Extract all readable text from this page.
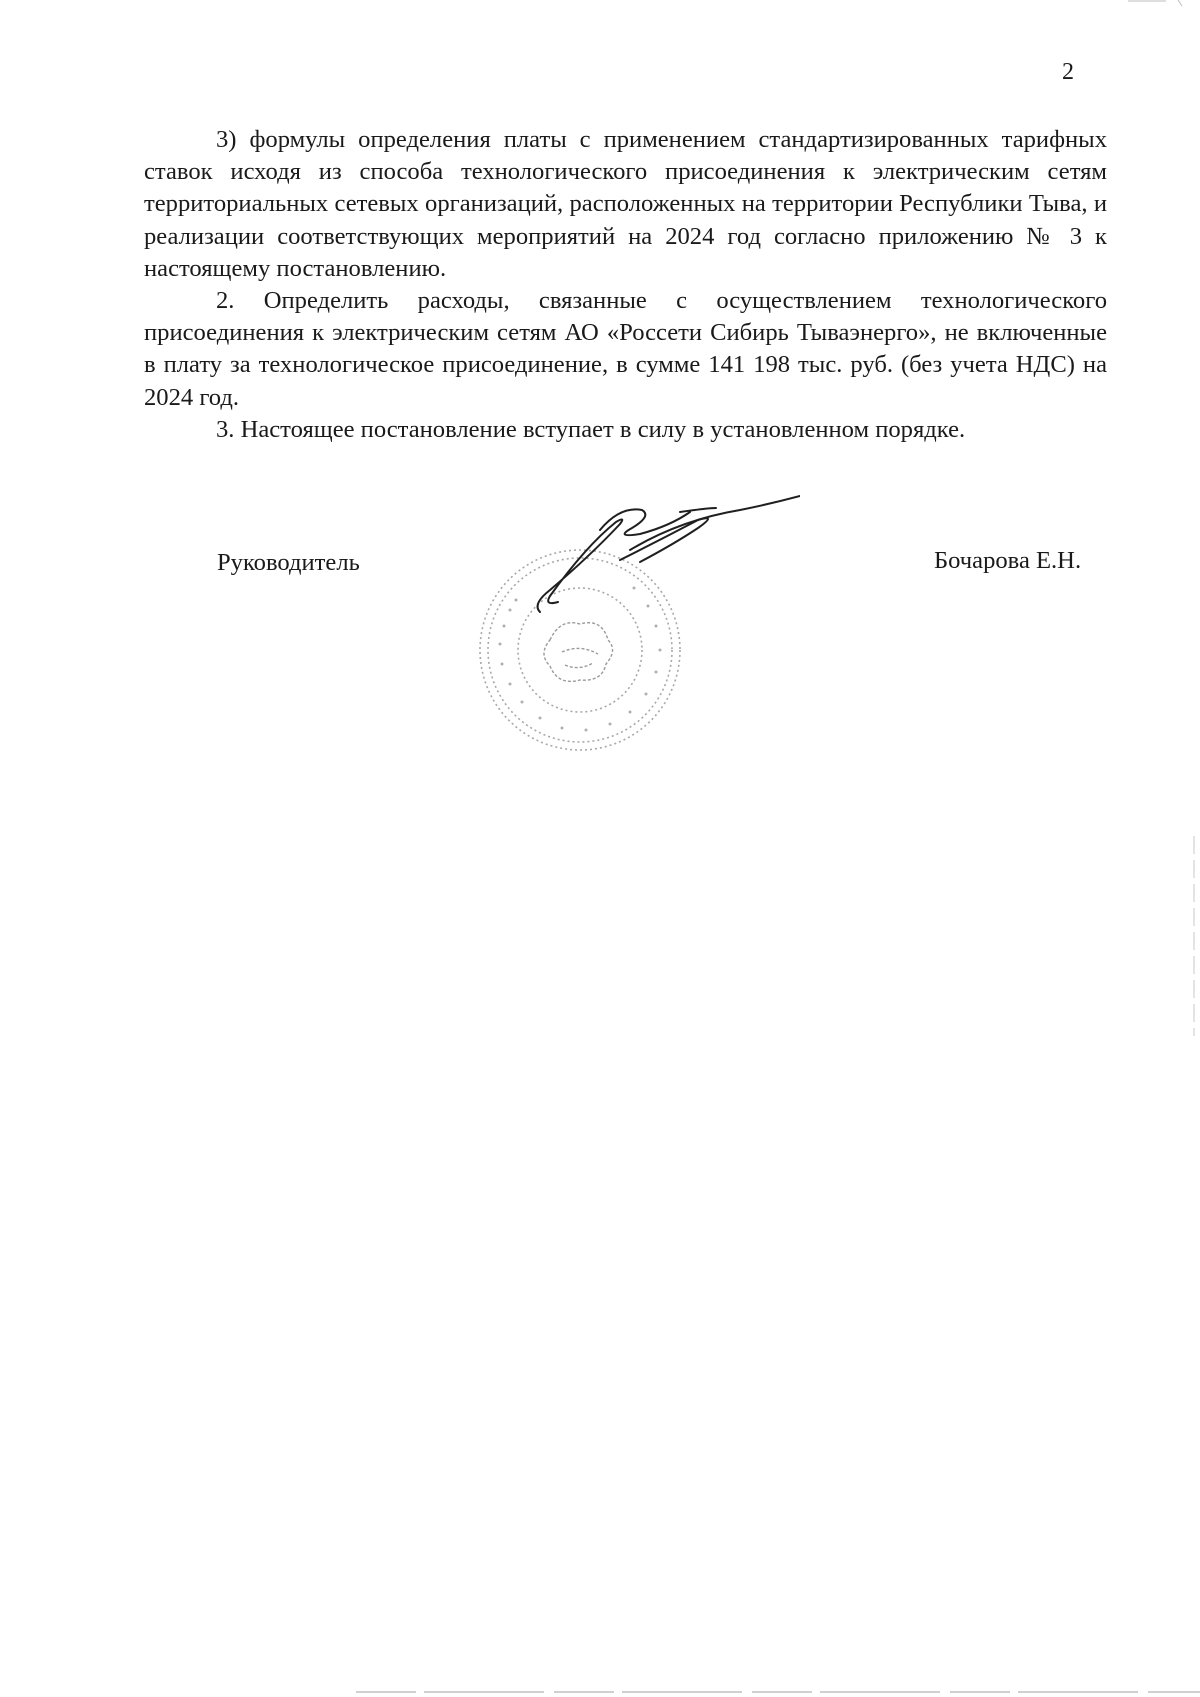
2

3) формулы определения платы с применением стандартизированных тарифных ставок исходя из способа технологического присоединения к электрическим сетям территориальных сетевых организаций, расположенных на территории Республики Тыва, и реализации соответствующих мероприятий на 2024 год согласно приложению № 3 к настоящему постановлению.

2. Определить расходы, связанные с осуществлением технологического присоединения к электрическим сетям АО «Россети Сибирь Тываэнерго», не включенные в плату за технологическое присоединение, в сумме 141 198 тыс. руб. (без учета НДС) на 2024 год.

3. Настоящее постановление вступает в силу в установленном порядке.

Руководитель	Бочарова Е.Н.
